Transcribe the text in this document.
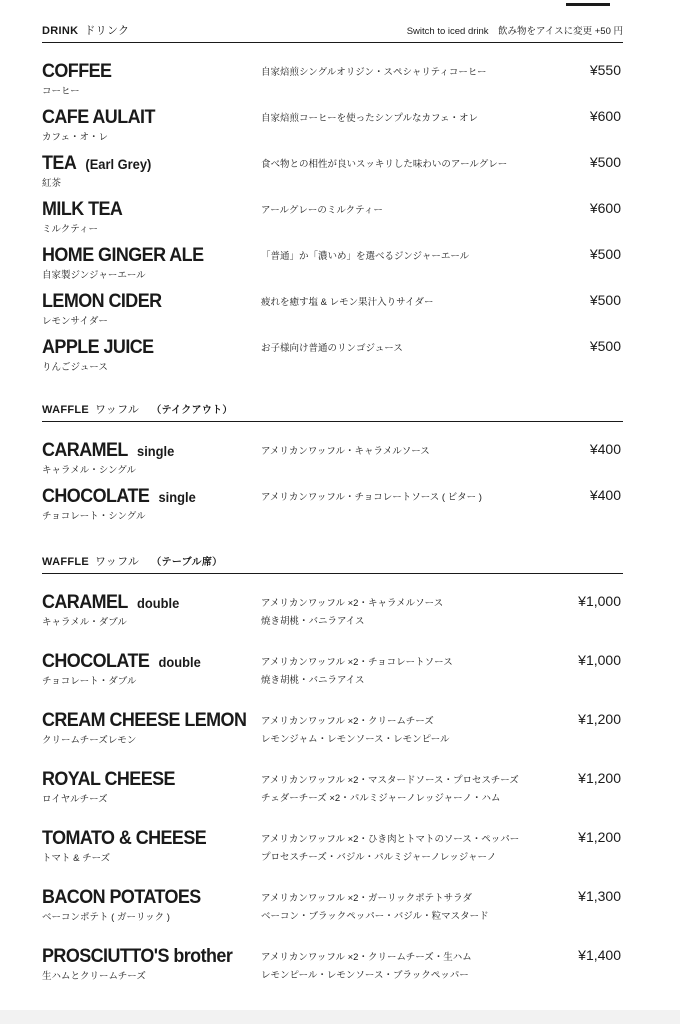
DRINK ドリンク	Switch to iced drink　飲み物をアイスに変更 +50 円
COFFEE
コーヒー
自家焙煎シングルオリジン・スペシャリティコーヒー	¥550
CAFE AULAIT
カフェ・オ・レ
自家焙煎コーヒーを使ったシンプルなカフェ・オレ	¥600
TEA (Earl Grey)
紅茶
食べ物との相性が良いスッキリした味わいのアールグレー	¥500
MILK TEA
ミルクティー
アールグレーのミルクティー	¥600
HOME GINGER ALE
自家製ジンジャーエール
「普通」か「濃いめ」を選べるジンジャーエール	¥500
LEMON CIDER
レモンサイダー
疲れを癒す塩 & レモン果汁入りサイダー	¥500
APPLE JUICE
りんごジュース
お子様向け普通のリンゴジュース	¥500
WAFFLE ワッフル （テイクアウト）
CARAMEL single
キャラメル・シングル
アメリカンワッフル・キャラメルソース	¥400
CHOCOLATE single
チョコレート・シングル
アメリカンワッフル・チョコレートソース ( ビター )	¥400
WAFFLE ワッフル （テーブル席）
CARAMEL double
キャラメル・ダブル
アメリカンワッフル ×2・キャラメルソース
焼き胡桃・バニラアイス
¥1,000
CHOCOLATE double
チョコレート・ダブル
アメリカンワッフル ×2・チョコレートソース
焼き胡桃・バニラアイス
¥1,000
CREAM CHEESE LEMON
クリームチーズレモン
アメリカンワッフル ×2・クリームチーズ
レモンジャム・レモンソース・レモンピール
¥1,200
ROYAL CHEESE
ロイヤルチーズ
アメリカンワッフル ×2・マスタードソース・プロセスチーズ
チェダーチーズ ×2・パルミジャーノレッジャーノ・ハム
¥1,200
TOMATO & CHEESE
トマト & チーズ
アメリカンワッフル ×2・ひき肉とトマトのソース・ペッパー
プロセスチーズ・バジル・パルミジャーノレッジャーノ
¥1,200
BACON POTATOES
ベーコンポテト ( ガーリック )
アメリカンワッフル ×2・ガーリックポテトサラダ
ベーコン・ブラックペッパー・バジル・粒マスタード
¥1,300
PROSCIUTTO'S brother
生ハムとクリームチーズ
アメリカンワッフル ×2・クリームチーズ・生ハム
レモンピール・レモンソース・ブラックペッパー
¥1,400
